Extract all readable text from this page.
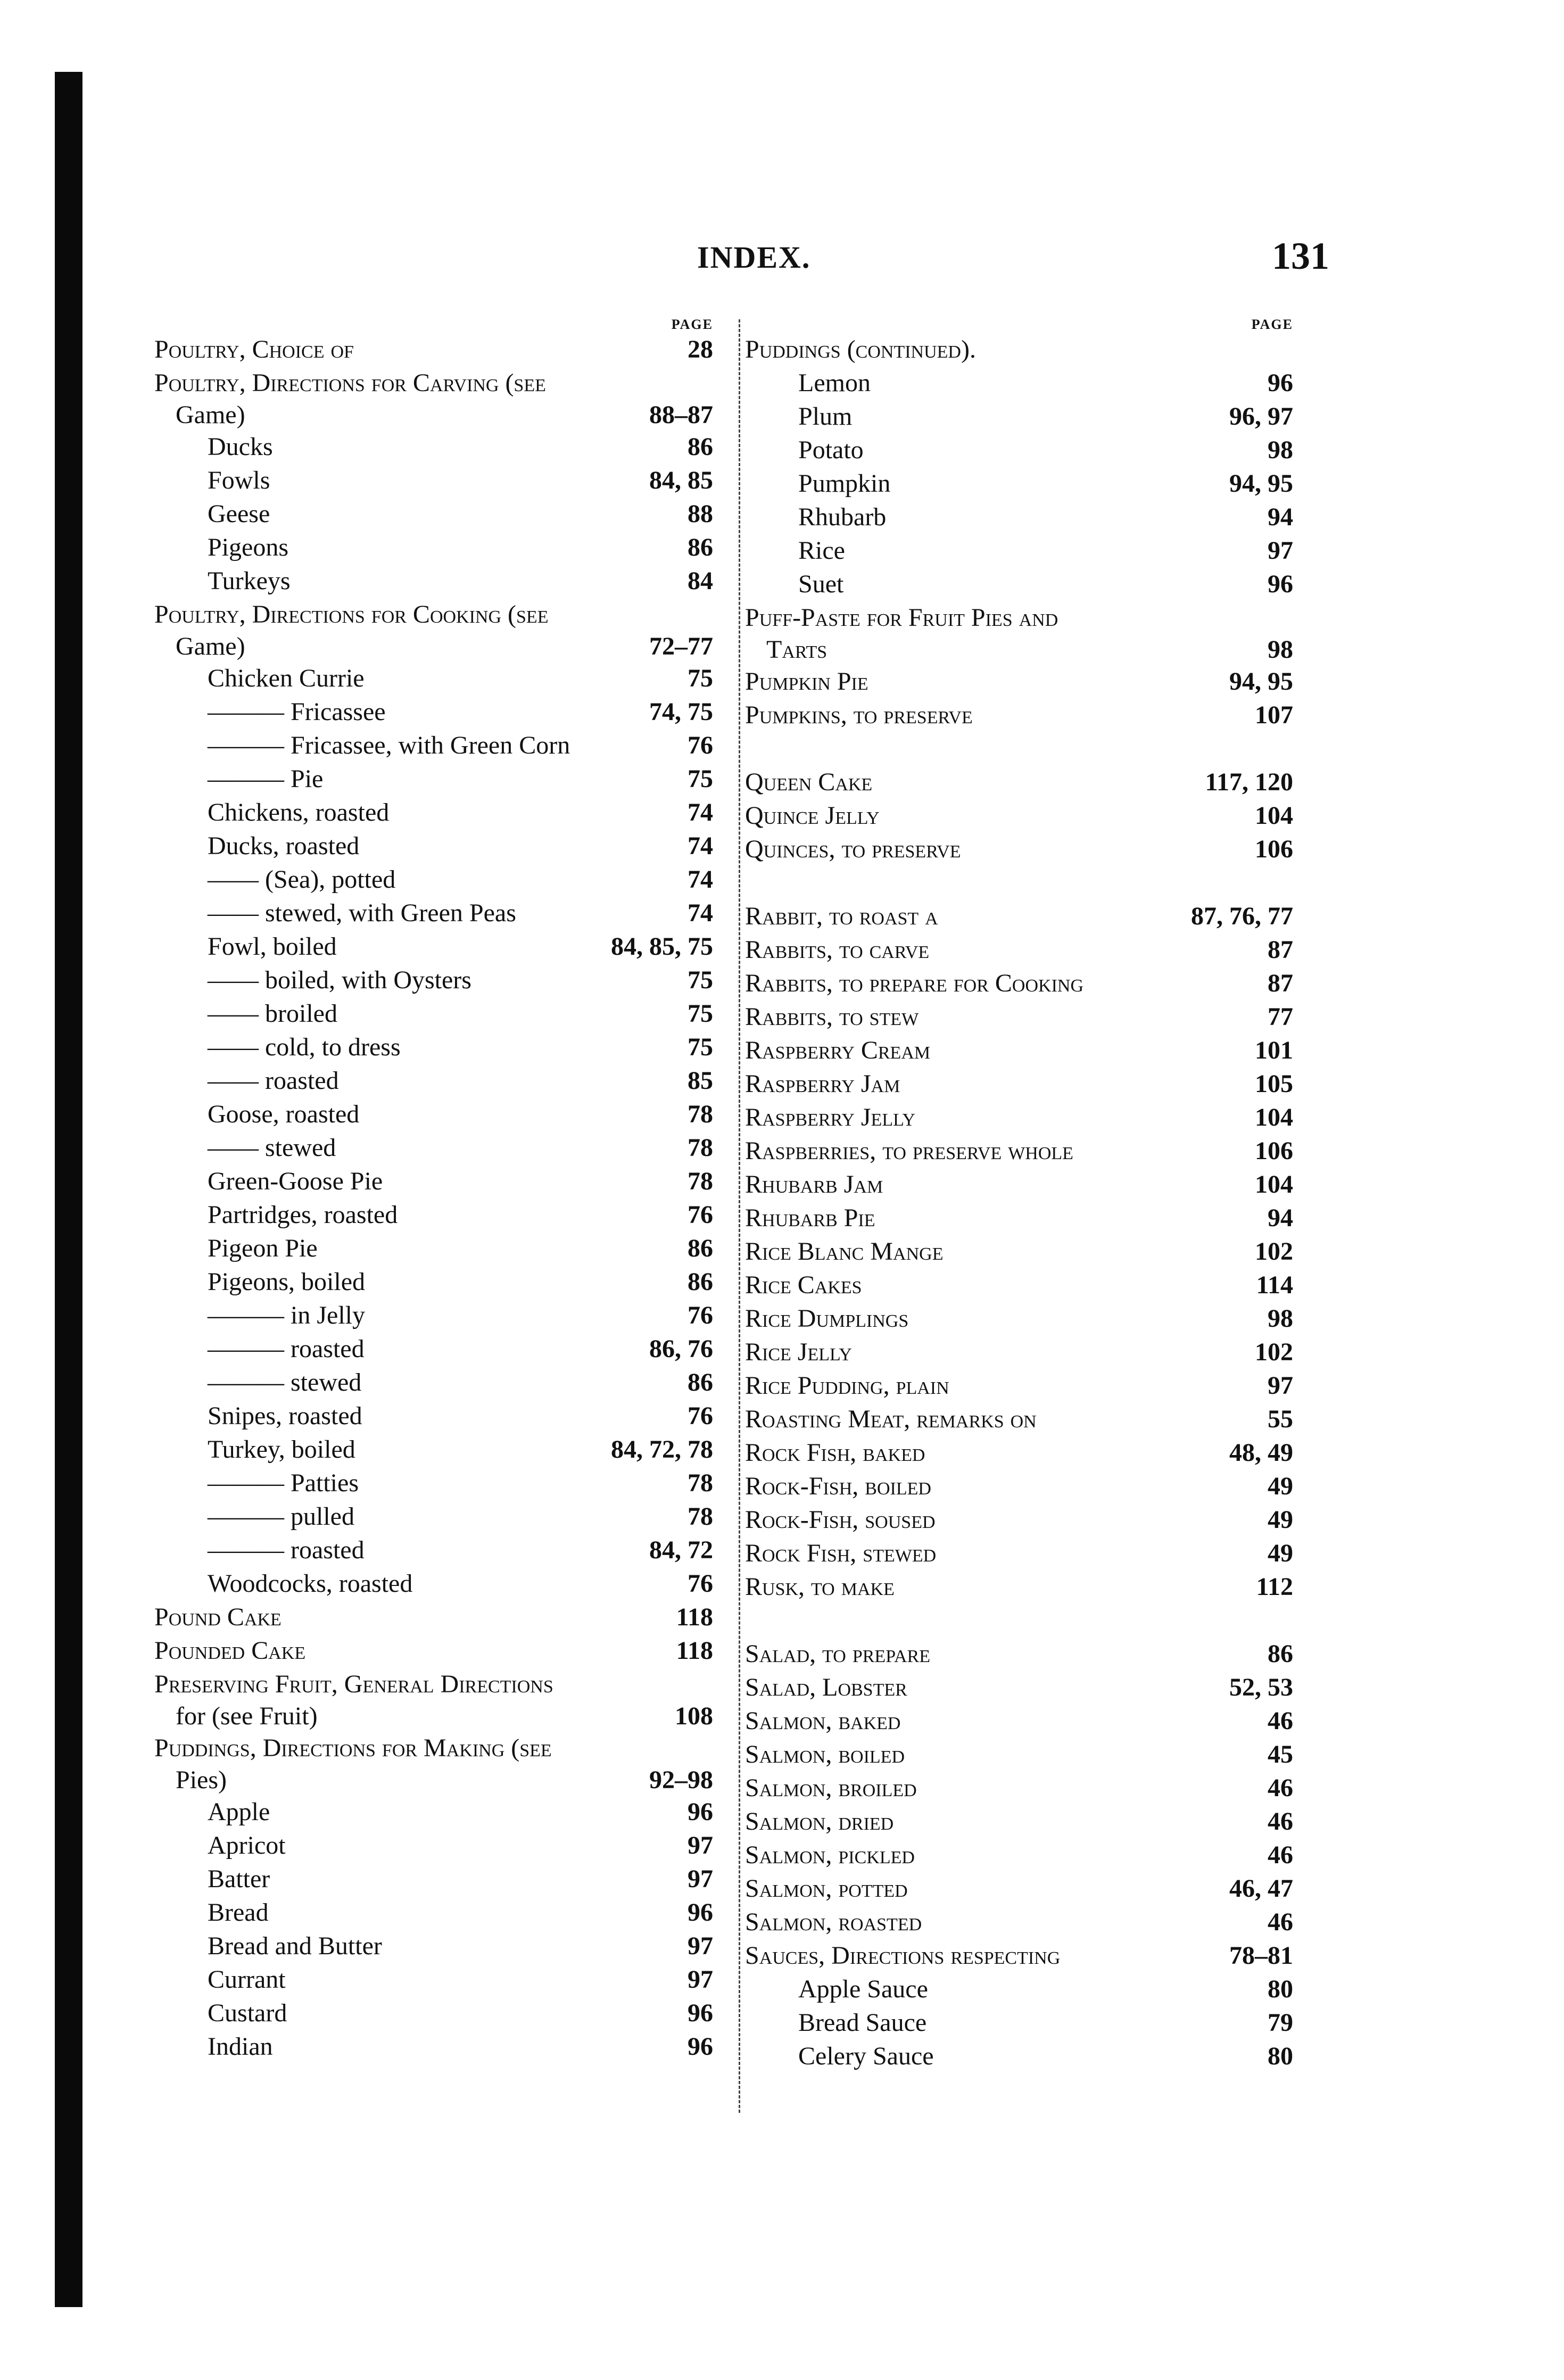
INDEX.	131
PAGE
Poultry, Choice of	28
Poultry, Directions for Carving (see
Game)	88–87
Ducks	86
Fowls	84, 85
Geese	88
Pigeons	86
Turkeys	84
Poultry, Directions for Cooking (see
Game)	72–77
Chicken Currie	75
——— Fricassee	74, 75
——— Fricassee, with Green Corn	76
——— Pie	75
Chickens, roasted	74
Ducks, roasted	74
—— (Sea), potted	74
—— stewed, with Green Peas	74
Fowl, boiled	84, 85, 75
—— boiled, with Oysters	75
—— broiled	75
—— cold, to dress	75
—— roasted	85
Goose, roasted	78
—— stewed	78
Green-Goose Pie	78
Partridges, roasted	76
Pigeon Pie	86
Pigeons, boiled	86
——— in Jelly	76
——— roasted	86, 76
——— stewed	86
Snipes, roasted	76
Turkey, boiled	84, 72, 78
——— Patties	78
——— pulled	78
——— roasted	84, 72
Woodcocks, roasted	76
Pound Cake	118
Pounded Cake	118
Preserving Fruit, General Directions
for (see Fruit)	108
Puddings, Directions for Making (see
Pies)	92–98
Apple	96
Apricot	97
Batter	97
Bread	96
Bread and Butter	97
Currant	97
Custard	96
Indian	96
PAGE
Puddings (continued).
Lemon	96
Plum	96, 97
Potato	98
Pumpkin	94, 95
Rhubarb	94
Rice	97
Suet	96
Puff-Paste for Fruit Pies and
Tarts	98
Pumpkin Pie	94, 95
Pumpkins, to preserve	107
Queen Cake	117, 120
Quince Jelly	104
Quinces, to preserve	106
Rabbit, to roast a	87, 76, 77
Rabbits, to carve	87
Rabbits, to prepare for Cooking	87
Rabbits, to stew	77
Raspberry Cream	101
Raspberry Jam	105
Raspberry Jelly	104
Raspberries, to preserve whole	106
Rhubarb Jam	104
Rhubarb Pie	94
Rice Blanc Mange	102
Rice Cakes	114
Rice Dumplings	98
Rice Jelly	102
Rice Pudding, plain	97
Roasting Meat, remarks on	55
Rock Fish, baked	48, 49
Rock-Fish, boiled	49
Rock-Fish, soused	49
Rock Fish, stewed	49
Rusk, to make	112
Salad, to prepare	86
Salad, Lobster	52, 53
Salmon, baked	46
Salmon, boiled	45
Salmon, broiled	46
Salmon, dried	46
Salmon, pickled	46
Salmon, potted	46, 47
Salmon, roasted	46
Sauces, Directions respecting	78–81
Apple Sauce	80
Bread Sauce	79
Celery Sauce	80
